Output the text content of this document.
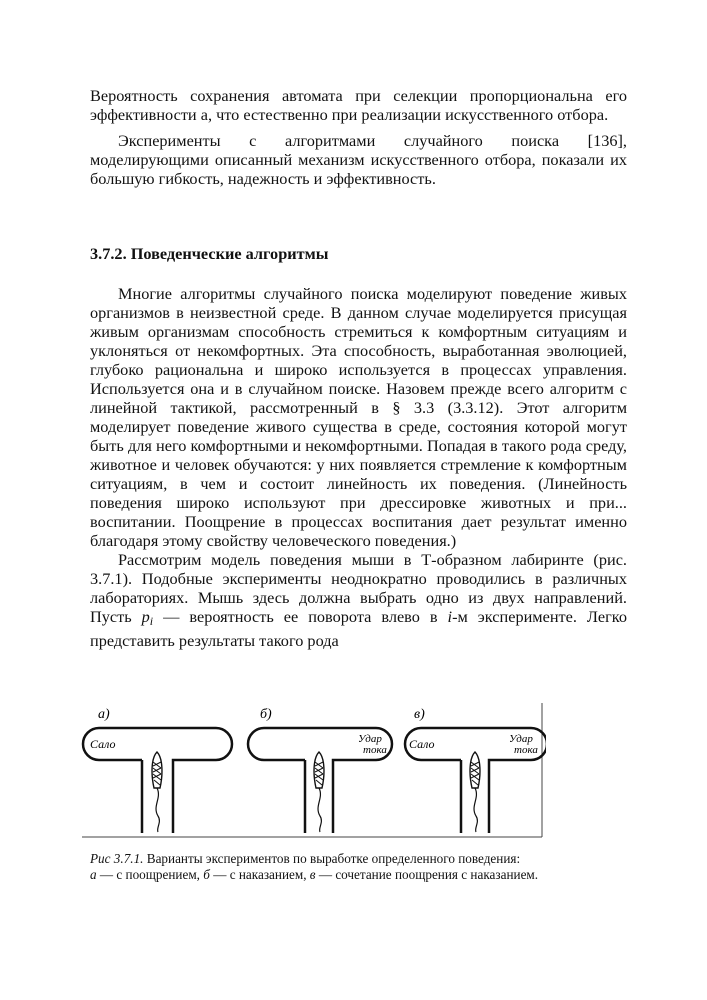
Вероятность сохранения автомата при селекции пропорциональна его эффективности а, что естественно при реализации искусственного отбора.

Эксперименты с алгоритмами случайного поиска [136], моделирующими описанный механизм искусственного отбора, показали их большую гибкость, надежность и эффективность.

3.7.2. Поведенческие алгоритмы

Многие алгоритмы случайного поиска моделируют поведение живых организмов в неизвестной среде. В данном случае моделируется присущая живым организмам способность стремиться к комфортным ситуациям и уклоняться от некомфортных. Эта способность, выработанная эволюцией, глубоко рациональна и широко используется в процессах управления. Используется она и в случайном поиске. Назовем прежде всего алгоритм с линейной тактикой, рассмотренный в § 3.3 (3.3.12). Этот алгоритм моделирует поведение живого существа в среде, состояния которой могут быть для него комфортными и некомфортными. Попадая в такого рода среду, животное и человек обучаются: у них появляется стремление к комфортным ситуациям, в чем и состоит линейность их поведения. (Линейность поведения широко используют при дрессировке животных и при... воспитании. Поощрение в процессах воспитания дает результат именно благодаря этому свойству человеческого поведения.)

Рассмотрим модель поведения мыши в Т-образном лабиринте (рис. 3.7.1). Подобные эксперименты неоднократно проводились в различных лабораториях. Мышь здесь должна выбрать одно из двух направлений. Пусть $p_i$ — вероятность ее поворота влево в i-м эксперименте. Легко представить результаты такого рода

а)
Сало
б)
Удар
тока
в)
Сало	Удар
тока
Рис 3.7.1. Варианты экспериментов по выработке определенного поведения:
а — с поощрением, б — с наказанием, в — сочетание поощрения с наказанием.
